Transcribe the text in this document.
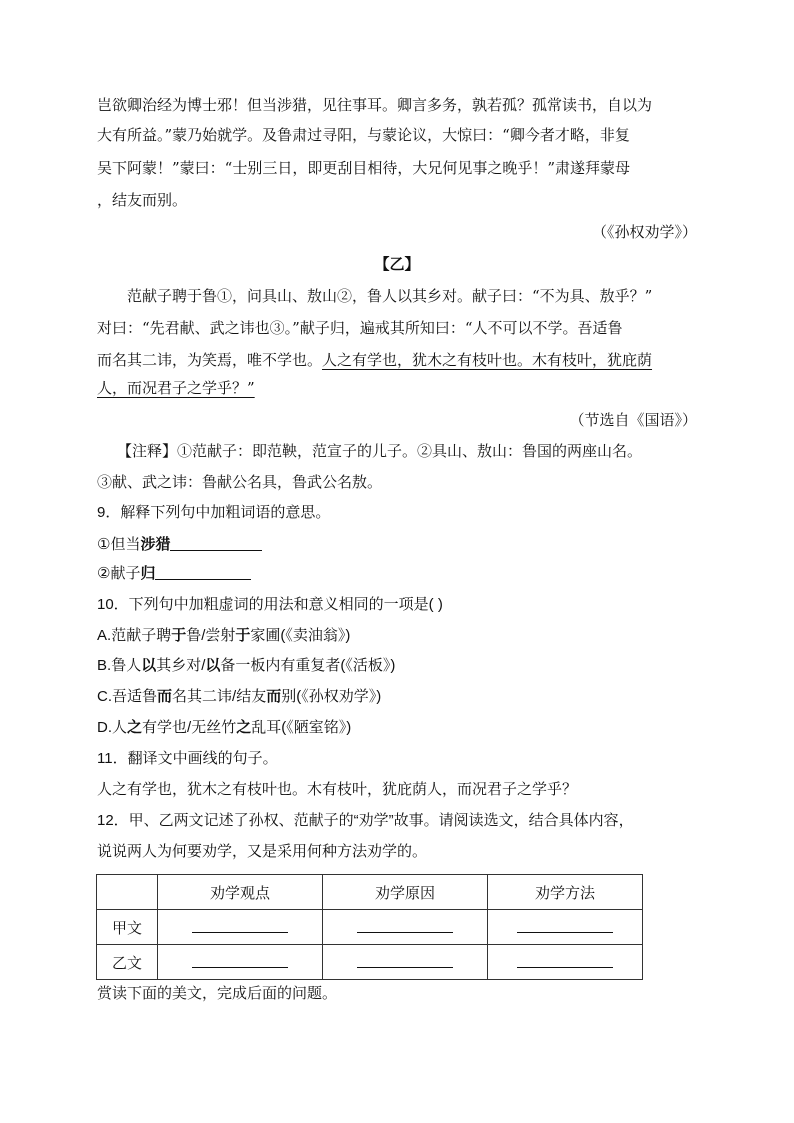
岂欲卿治经为博士邪！但当涉猎，见往事耳。卿言多务，孰若孤？孤常读书，自以为
大有所益。”蒙乃始就学。及鲁肃过寻阳，与蒙论议，大惊曰：“卿今者才略，非复
吴下阿蒙！”蒙曰：“士别三日，即更刮目相待，大兄何见事之晚乎！”肃遂拜蒙母
，结友而别。
（《孙权劝学》）
【乙】
范献子聘于鲁①，问具山、敖山②，鲁人以其乡对。献子曰：“不为具、敖乎？”
对曰：“先君献、武之讳也③。”献子归，遍戒其所知曰：“人不可以不学。吾适鲁
而名其二讳，为笑焉，唯不学也。人之有学也，犹木之有枝叶也。木有枝叶，犹庇荫
人，而况君子之学乎？”
（节选自《国语》）
【注释】①范献子：即范鞅，范宣子的儿子。②具山、敖山：鲁国的两座山名。
③献、武之讳：鲁献公名具，鲁武公名敖。
9．解释下列句中加粗词语的意思。
①但当涉猎
②献子归
10．下列句中加粗虚词的用法和意义相同的一项是( )
A.范献子聘于鲁/尝射于家圃(《卖油翁》)
B.鲁人以其乡对/以备一板内有重复者(《活板》)
C.吾适鲁而名其二讳/结友而别(《孙权劝学》)
D.人之有学也/无丝竹之乱耳(《陋室铭》)
11．翻译文中画线的句子。
人之有学也，犹木之有枝叶也。木有枝叶，犹庇荫人，而况君子之学乎？
12．甲、乙两文记述了孙权、范献子的“劝学”故事。请阅读选文，结合具体内容，
说说两人为何要劝学，又是采用何种方法劝学的。
	劝学观点	劝学原因	劝学方法
甲文			
乙文			
赏读下面的美文，完成后面的问题。
